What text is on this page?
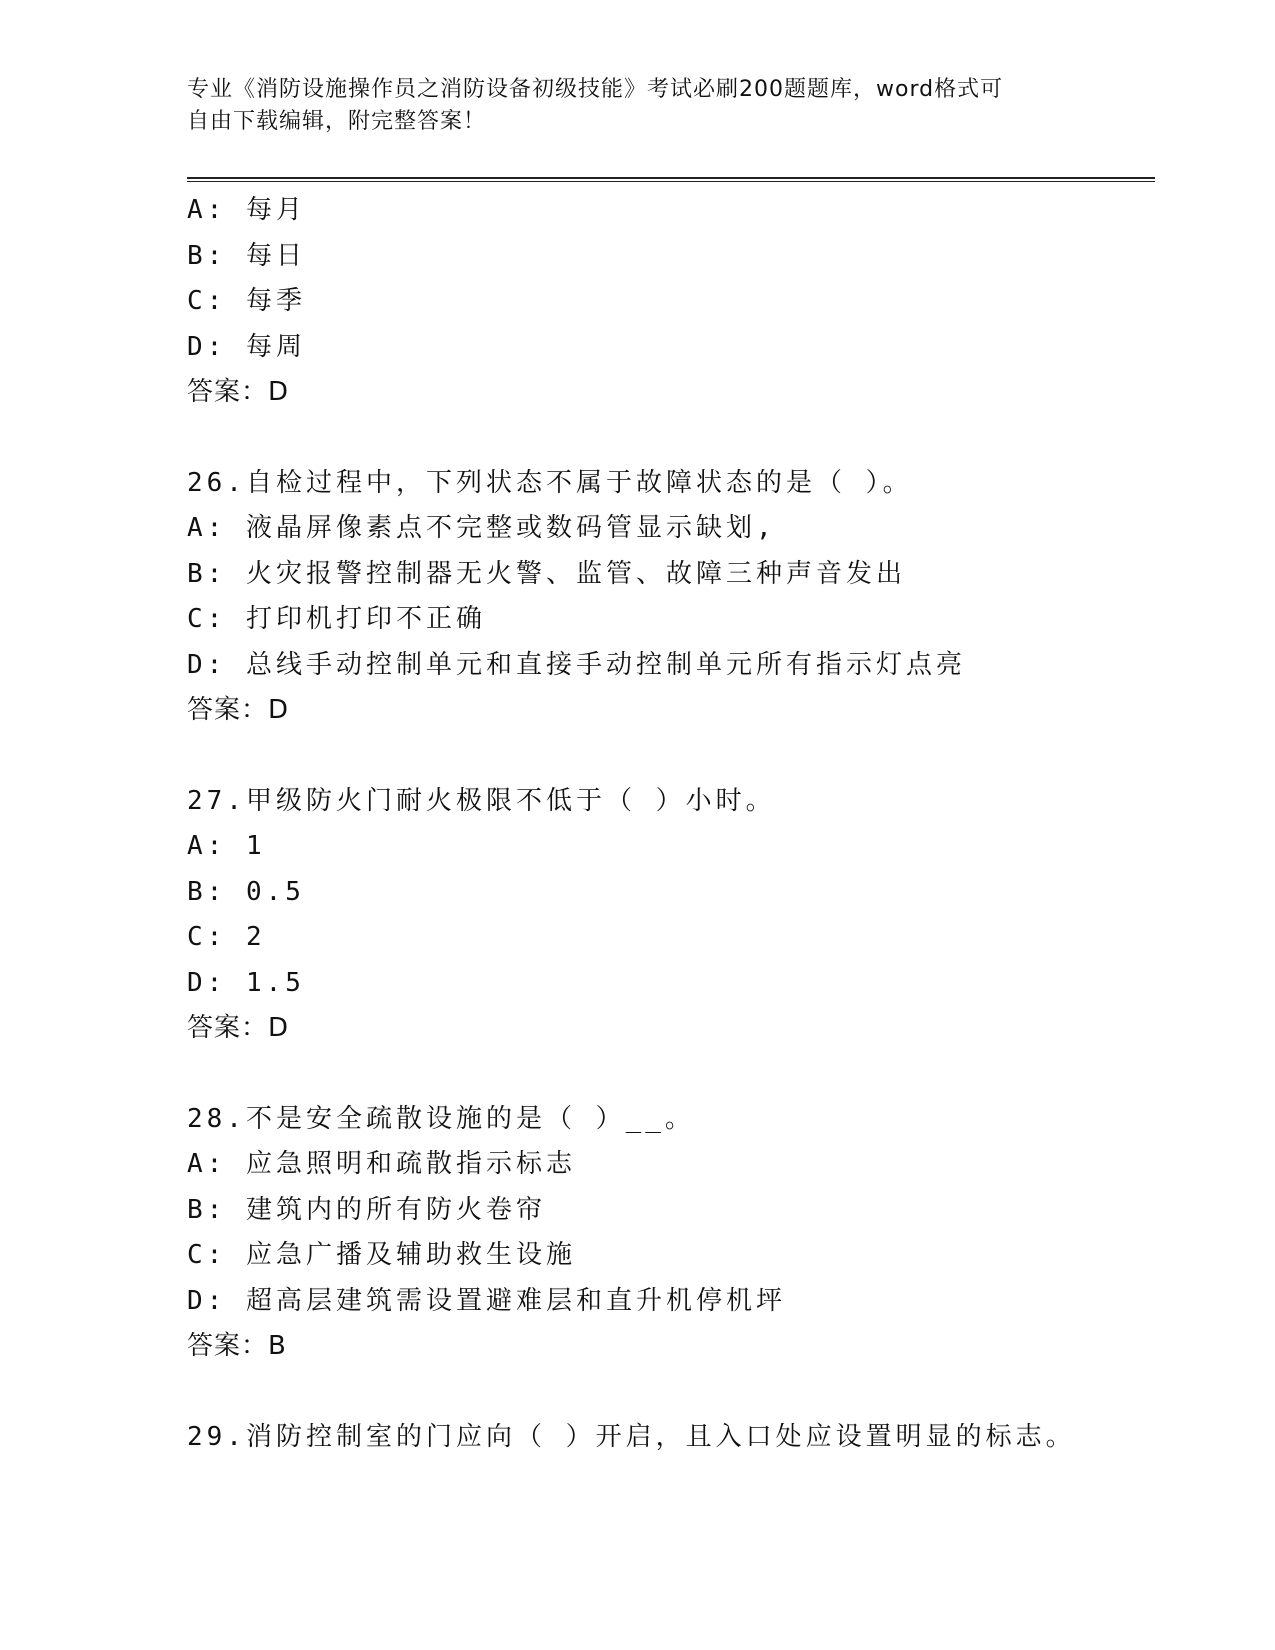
专业《消防设施操作员之消防设备初级技能》考试必刷200题题库，word格式可
自由下载编辑，附完整答案！
A: 每月
B: 每日
C: 每季
D: 每周
答案：D
26.自检过程中，下列状态不属于故障状态的是（ ）。
A: 液晶屏像素点不完整或数码管显示缺划,
B: 火灾报警控制器无火警、监管、故障三种声音发出
C: 打印机打印不正确
D: 总线手动控制单元和直接手动控制单元所有指示灯点亮
答案：D
27.甲级防火门耐火极限不低于（ ）小时。
A: 1
B: 0.5
C: 2
D: 1.5
答案：D
28.不是安全疏散设施的是（ ）__。
A: 应急照明和疏散指示标志
B: 建筑内的所有防火卷帘
C: 应急广播及辅助救生设施
D: 超高层建筑需设置避难层和直升机停机坪
答案：B
29.消防控制室的门应向（ ）开启，且入口处应设置明显的标志。
